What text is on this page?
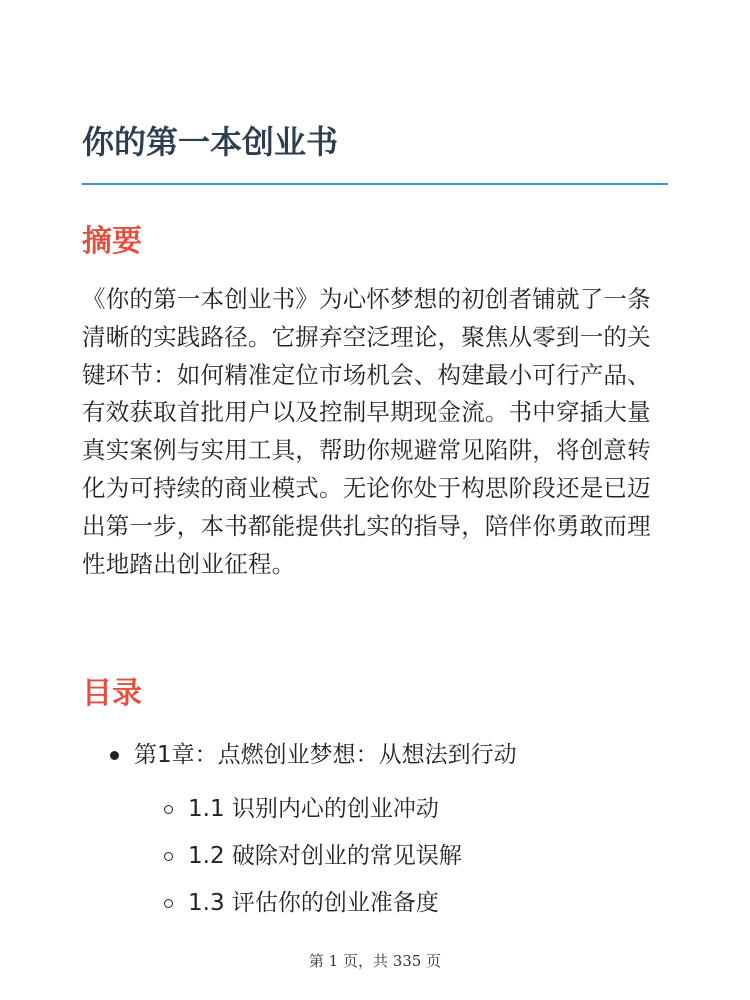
你的第一本创业书
摘要

《你的第一本创业书》为心怀梦想的初创者铺就了一条清晰的实践路径。它摒弃空泛理论，聚焦从零到一的关键环节：如何精准定位市场机会、构建最小可行产品、有效获取首批用户以及控制早期现金流。书中穿插大量真实案例与实用工具，帮助你规避常见陷阱，将创意转化为可持续的商业模式。无论你处于构思阶段还是已迈出第一步，本书都能提供扎实的指导，陪伴你勇敢而理性地踏出创业征程。

目录
第1章：点燃创业梦想：从想法到行动
1.1 识别内心的创业冲动
1.2 破除对创业的常见误解
1.3 评估你的创业准备度
第 1 页，共 335 页
